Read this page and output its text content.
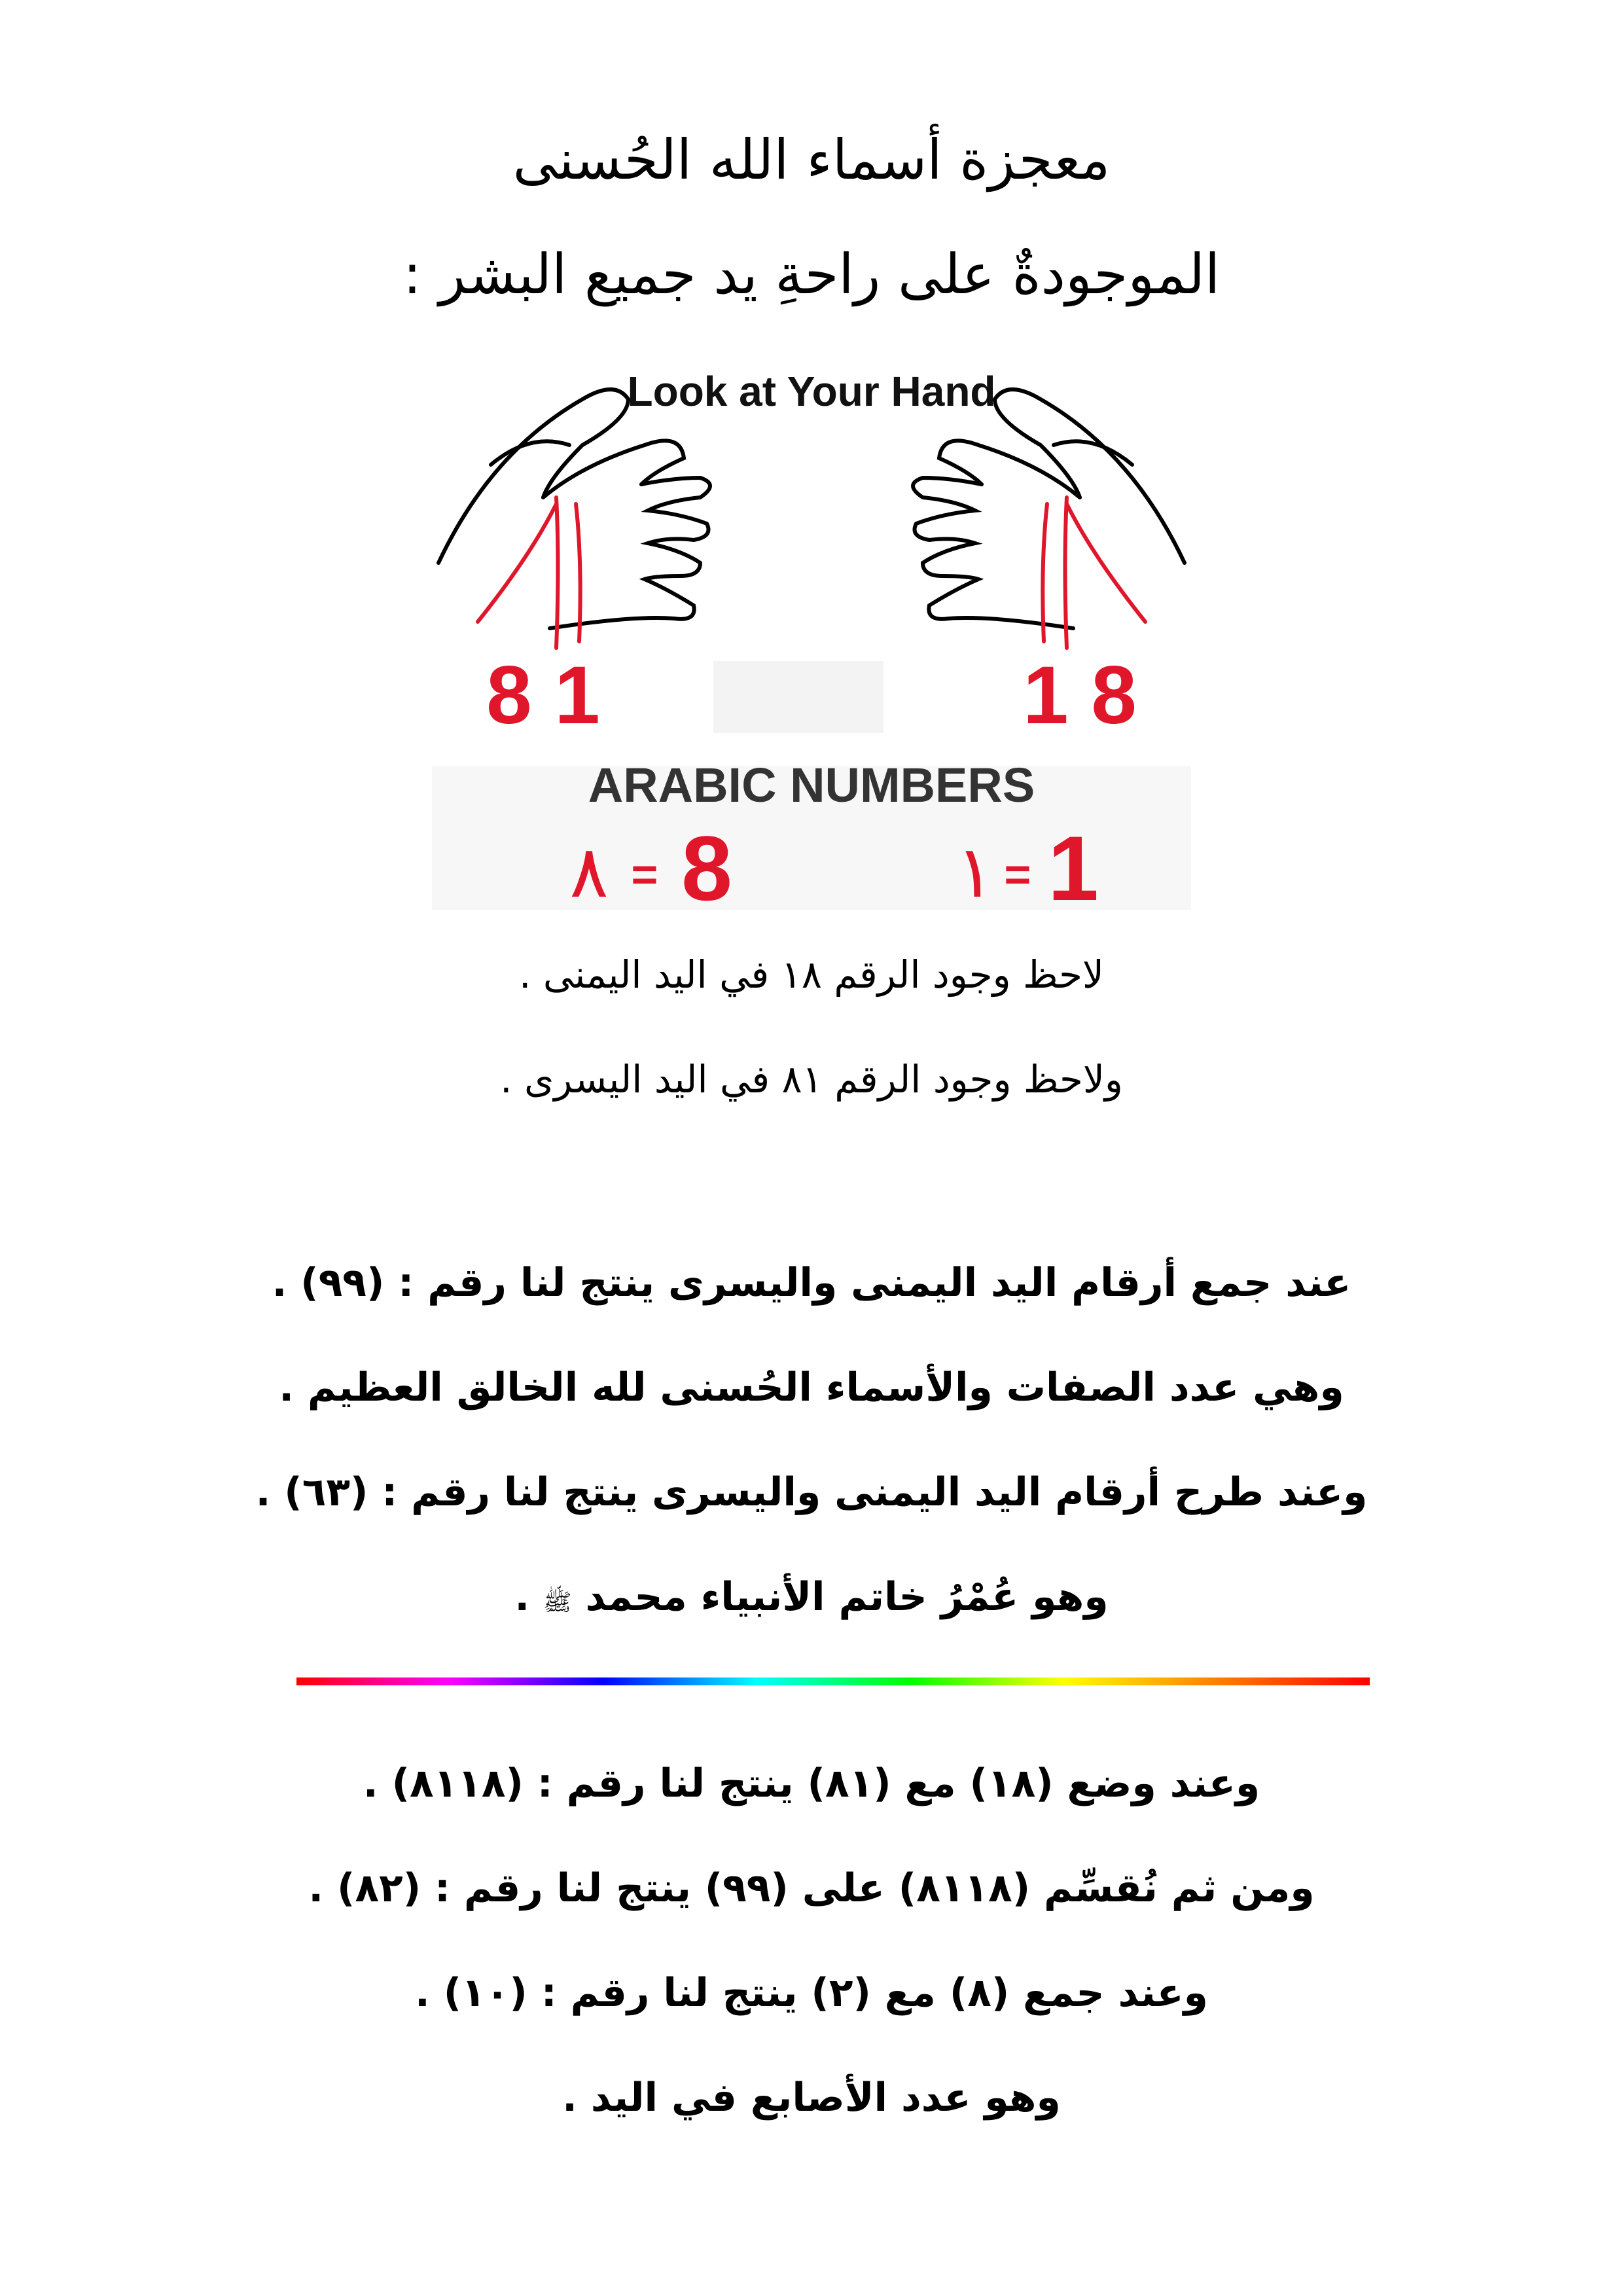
معجزة أسماء الله الحُسنى
الموجودةٌ على راحةِ يد جميع البشر :
Look at Your Hand
8 1	1 8
ARABIC NUMBERS
٨ = 8	١ = 1
لاحظ وجود الرقم ١٨ في اليد اليمنى .
ولاحظ وجود الرقم ٨١ في اليد اليسرى .
عند جمع أرقام اليد اليمنى واليسرى ينتج لنا رقم : (٩٩) .
وهي عدد الصفات والأسماء الحُسنى لله الخالق العظيم .
وعند طرح أرقام اليد اليمنى واليسرى ينتج لنا رقم : (٦٣) .
وهو عُمْرُ خاتم الأنبياء محمد ﷺ .
وعند وضع (١٨) مع (٨١) ينتج لنا رقم : (٨١١٨) .
ومن ثم نُقسِّم (٨١١٨) على (٩٩) ينتج لنا رقم : (٨٢) .
وعند جمع (٨) مع (٢) ينتج لنا رقم : (١٠) .
وهو عدد الأصابع في اليد .
